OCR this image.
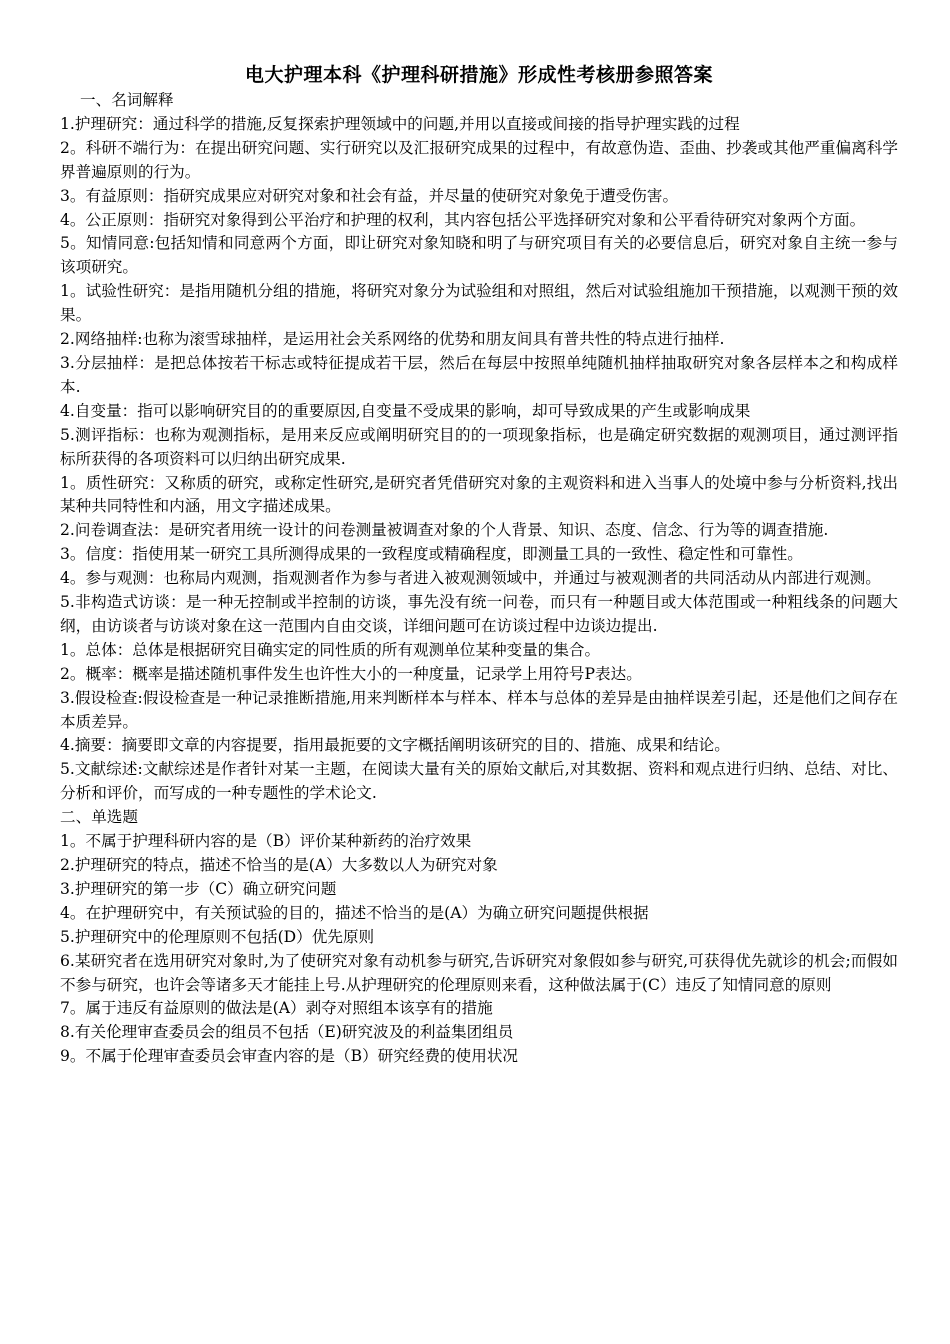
电大护理本科《护理科研措施》形成性考核册参照答案

一、名词解释

1.护理研究：通过科学的措施,反复探索护理领域中的问题,并用以直接或间接的指导护理实践的过程

2。科研不端行为：在提出研究问题、实行研究以及汇报研究成果的过程中，有故意伪造、歪曲、抄袭或其他严重偏离科学界普遍原则的行为。

3。有益原则：指研究成果应对研究对象和社会有益，并尽量的使研究对象免于遭受伤害。

4。公正原则：指研究对象得到公平治疗和护理的权利，其内容包括公平选择研究对象和公平看待研究对象两个方面。

5。知情同意:包括知情和同意两个方面，即让研究对象知晓和明了与研究项目有关的必要信息后，研究对象自主统一参与该项研究。

1。试验性研究：是指用随机分组的措施，将研究对象分为试验组和对照组，然后对试验组施加干预措施，以观测干预的效果。

2.网络抽样:也称为滚雪球抽样，是运用社会关系网络的优势和朋友间具有普共性的特点进行抽样.

3.分层抽样：是把总体按若干标志或特征提成若干层，然后在每层中按照单纯随机抽样抽取研究对象各层样本之和构成样本.

4.自变量：指可以影响研究目的的重要原因,自变量不受成果的影响，却可导致成果的产生或影响成果

5.测评指标：也称为观测指标，是用来反应或阐明研究目的的一项现象指标，也是确定研究数据的观测项目，通过测评指标所获得的各项资料可以归纳出研究成果.

1。质性研究：又称质的研究，或称定性研究,是研究者凭借研究对象的主观资料和进入当事人的处境中参与分析资料,找出某种共同特性和内涵，用文字描述成果。

2.问卷调查法：是研究者用统一设计的问卷测量被调查对象的个人背景、知识、态度、信念、行为等的调查措施.

3。信度：指使用某一研究工具所测得成果的一致程度或精确程度，即测量工具的一致性、稳定性和可靠性。

4。参与观测：也称局内观测，指观测者作为参与者进入被观测领域中，并通过与被观测者的共同活动从内部进行观测。

5.非构造式访谈：是一种无控制或半控制的访谈，事先没有统一问卷，而只有一种题目或大体范围或一种粗线条的问题大纲，由访谈者与访谈对象在这一范围内自由交谈，详细问题可在访谈过程中边谈边提出.

1。总体：总体是根据研究目确实定的同性质的所有观测单位某种变量的集合。

2。概率：概率是描述随机事件发生也许性大小的一种度量，记录学上用符号P表达。

3.假设检查:假设检查是一种记录推断措施,用来判断样本与样本、样本与总体的差异是由抽样误差引起，还是他们之间存在本质差异。

4.摘要：摘要即文章的内容提要，指用最扼要的文字概括阐明该研究的目的、措施、成果和结论。

5.文献综述:文献综述是作者针对某一主题，在阅读大量有关的原始文献后,对其数据、资料和观点进行归纳、总结、对比、分析和评价，而写成的一种专题性的学术论文.

二、单选题

1。不属于护理科研内容的是（B）评价某种新药的治疗效果

2.护理研究的特点，描述不恰当的是(A）大多数以人为研究对象

3.护理研究的第一步（C）确立研究问题

4。在护理研究中，有关预试验的目的，描述不恰当的是(A）为确立研究问题提供根据

5.护理研究中的伦理原则不包括(D）优先原则

6.某研究者在选用研究对象时,为了使研究对象有动机参与研究,告诉研究对象假如参与研究,可获得优先就诊的机会;而假如不参与研究，也许会等诸多天才能挂上号.从护理研究的伦理原则来看，这种做法属于(C）违反了知情同意的原则

7。属于违反有益原则的做法是(A）剥夺对照组本该享有的措施

8.有关伦理审查委员会的组员不包括（E)研究波及的利益集团组员

9。不属于伦理审查委员会审查内容的是（B）研究经费的使用状况
